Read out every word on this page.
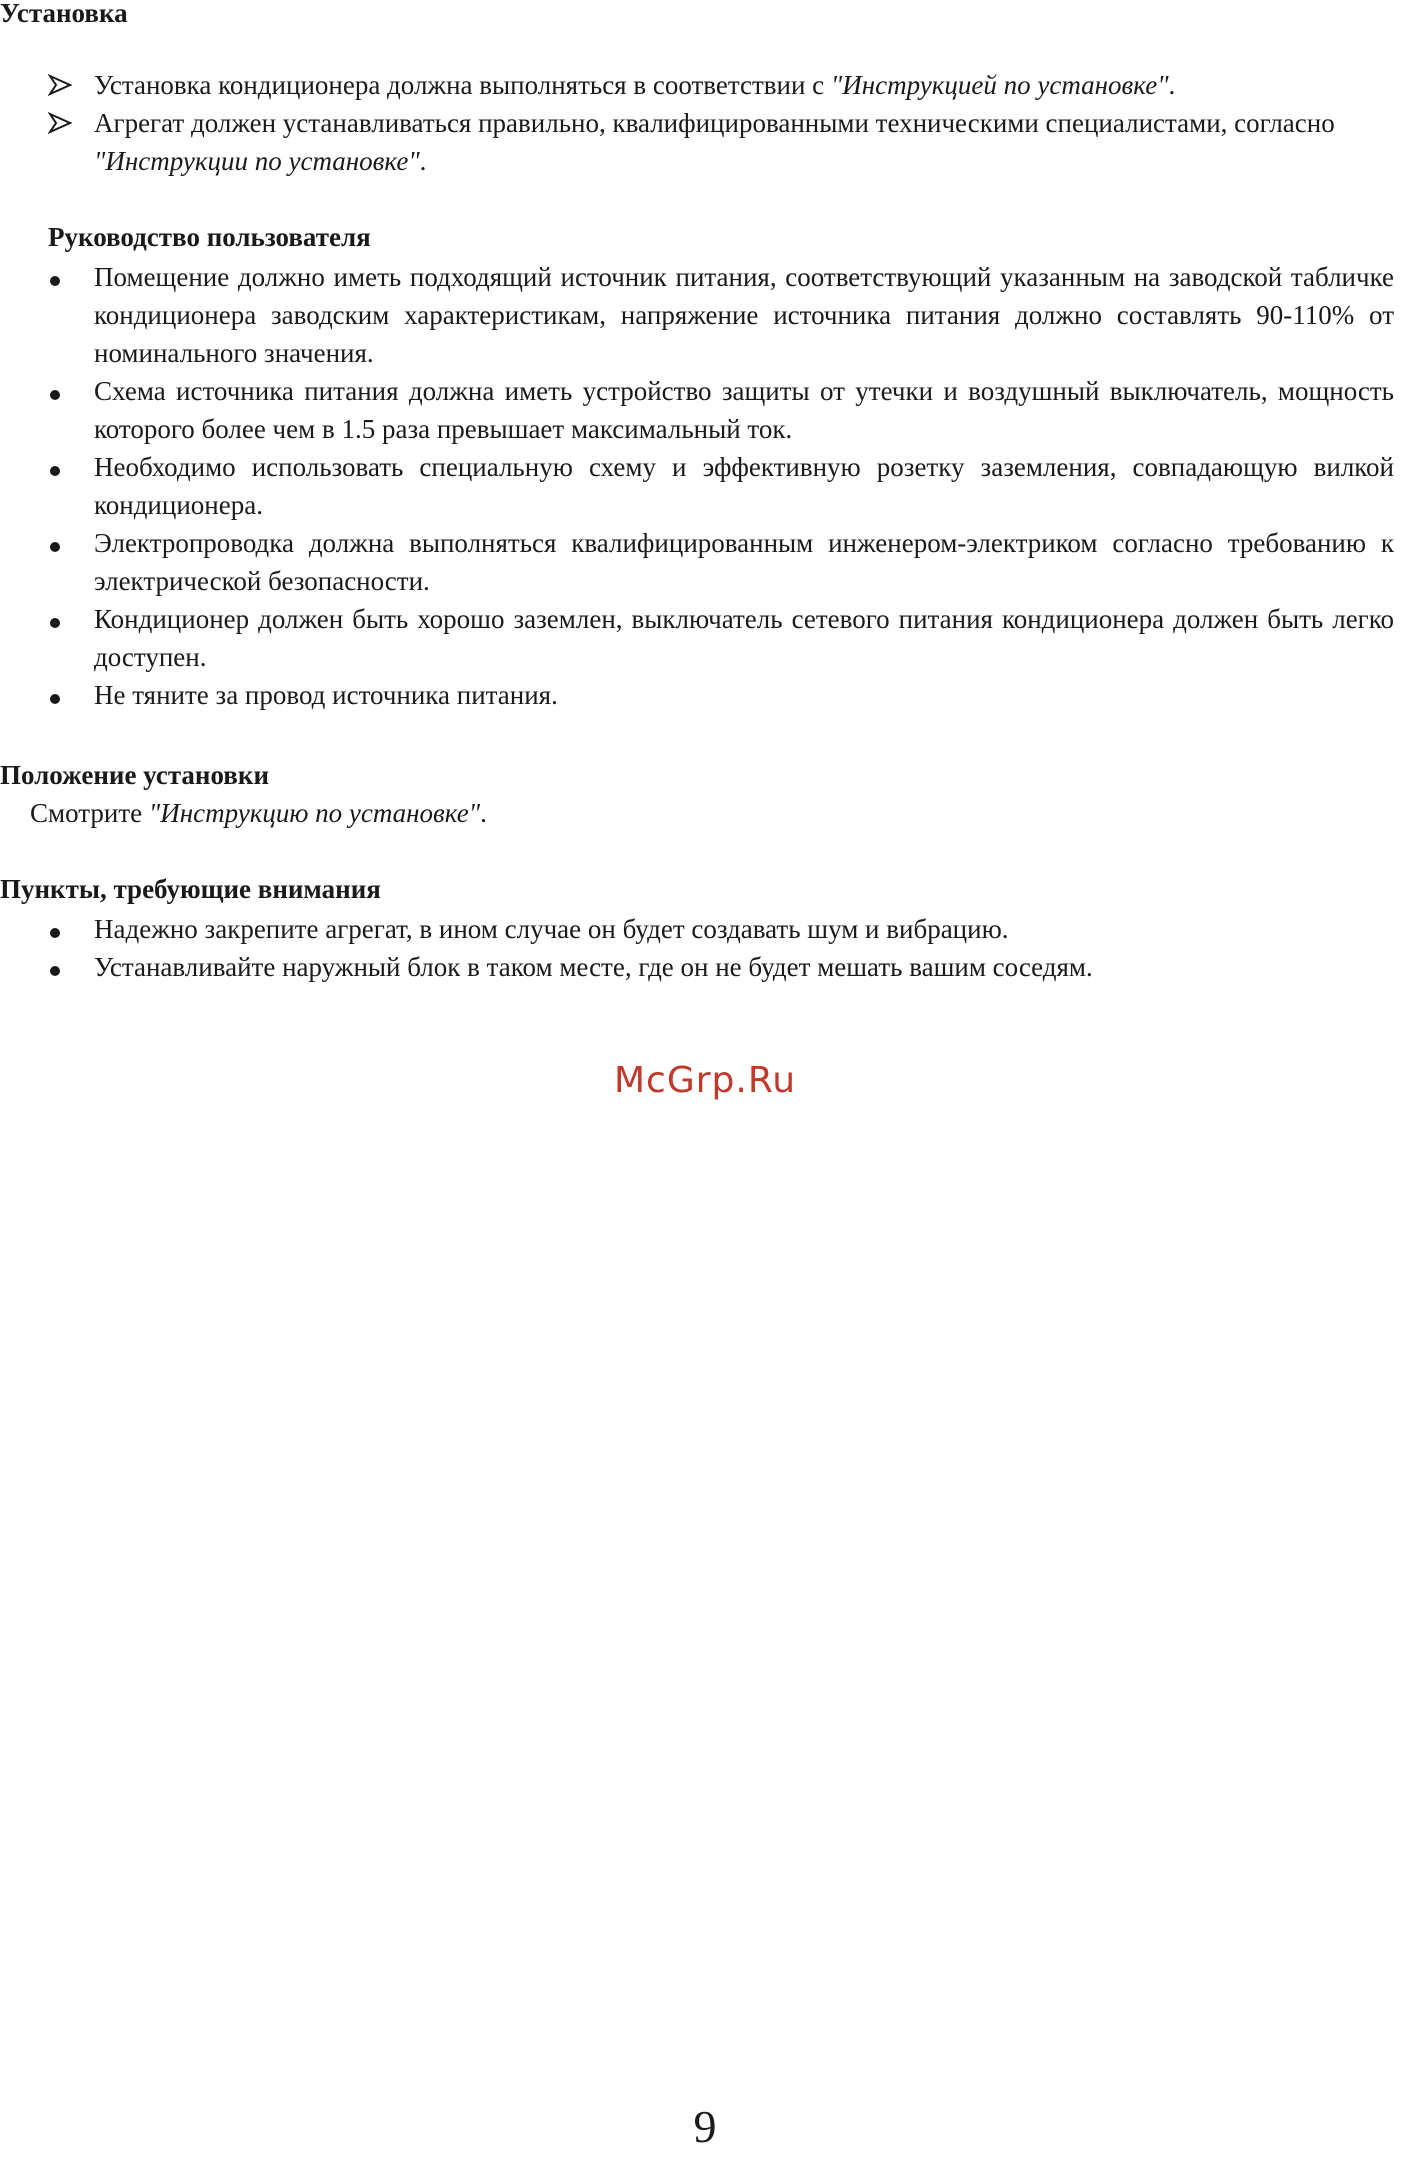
Установка
Установка кондиционера должна выполняться в соответствии с "Инструкцией по установке".
Агрегат должен устанавливаться правильно, квалифицированными техническими специалистами, согласно "Инструкции по установке".
Руководство пользователя
Помещение должно иметь подходящий источник питания, соответствующий указанным на заводской табличке кондиционера заводским характеристикам, напряжение источника питания должно составлять 90-110% от номинального значения.
Схема источника питания должна иметь устройство защиты от утечки и воздушный выключатель, мощность которого более чем в 1.5 раза превышает максимальный ток.
Необходимо использовать специальную схему и эффективную розетку заземления, совпадающую вилкой кондиционера.
Электропроводка должна выполняться квалифицированным инженером-электриком согласно требованию к электрической безопасности.
Кондиционер должен быть хорошо заземлен, выключатель сетевого питания кондиционера должен быть легко доступен.
Не тяните за провод источника питания.
Положение установки

Смотрите "Инструкцию по установке".

Пункты, требующие внимания
Надежно закрепите агрегат, в ином случае он будет создавать шум и вибрацию.
Устанавливайте наружный блок в таком месте, где он не будет мешать вашим соседям.
McGrp.Ru
9
